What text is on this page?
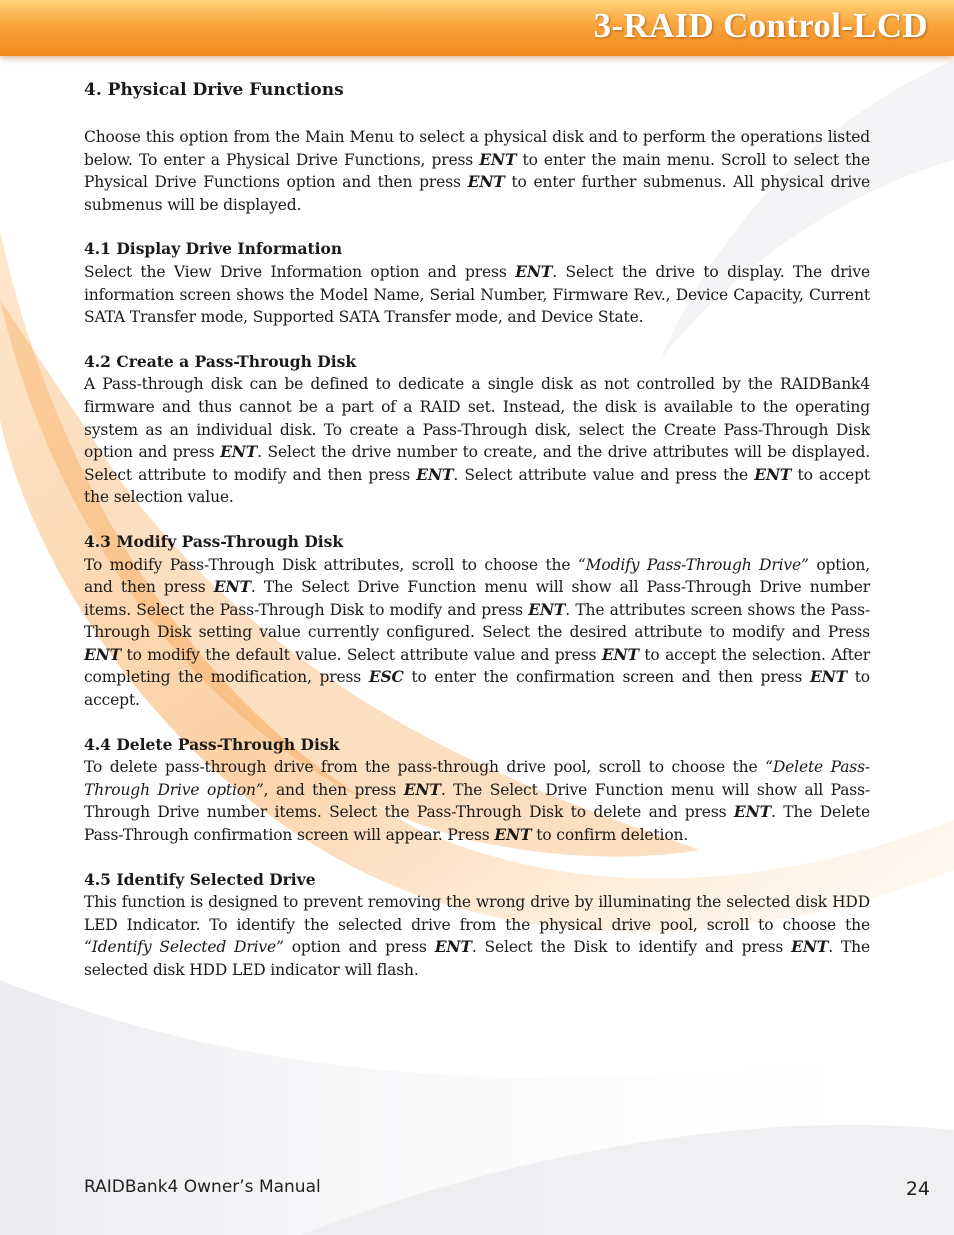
3-RAID Control-LCD
4. Physical Drive Functions

Choose this option from the Main Menu to select a physical disk and to perform the operations listed below. To enter a Physical Drive Functions, press ENT to enter the main menu. Scroll to select the Physical Drive Functions option and then press ENT to enter further submenus. All physical drive submenus will be displayed.

4.1 Display Drive Information

Select the View Drive Information option and press ENT. Select the drive to display. The drive information screen shows the Model Name, Serial Number, Firmware Rev., Device Capacity, Current SATA Transfer mode, Supported SATA Transfer mode, and Device State.

4.2 Create a Pass-Through Disk

A Pass-through disk can be defined to dedicate a single disk as not controlled by the RAIDBank4 firmware and thus cannot be a part of a RAID set. Instead, the disk is available to the operating system as an individual disk. To create a Pass-Through disk, select the Create Pass-Through Disk option and press ENT. Select the drive number to create, and the drive attributes will be displayed. Select attribute to modify and then press ENT. Select attribute value and press the ENT to accept the selection value.

4.3 Modify Pass-Through Disk

To modify Pass-Through Disk attributes, scroll to choose the “Modify Pass-Through Drive” option, and then press ENT. The Select Drive Function menu will show all Pass-Through Drive number items. Select the Pass-Through Disk to modify and press ENT. The attributes screen shows the Pass-Through Disk setting value currently configured. Select the desired attribute to modify and Press ENT to modify the default value. Select attribute value and press ENT to accept the selection. After completing the modification, press ESC to enter the confirmation screen and then press ENT to accept.

4.4 Delete Pass-Through Disk

To delete pass-through drive from the pass-through drive pool, scroll to choose the “Delete Pass-Through Drive option”, and then press ENT. The Select Drive Function menu will show all Pass-Through Drive number items. Select the Pass-Through Disk to delete and press ENT. The Delete Pass-Through confirmation screen will appear. Press ENT to confirm deletion.

4.5 Identify Selected Drive

This function is designed to prevent removing the wrong drive by illuminating the selected disk HDD LED Indicator. To identify the selected drive from the physical drive pool, scroll to choose the “Identify Selected Drive” option and press ENT. Select the Disk to identify and press ENT. The selected disk HDD LED indicator will flash.

RAIDBank4 Owner’s Manual	24
